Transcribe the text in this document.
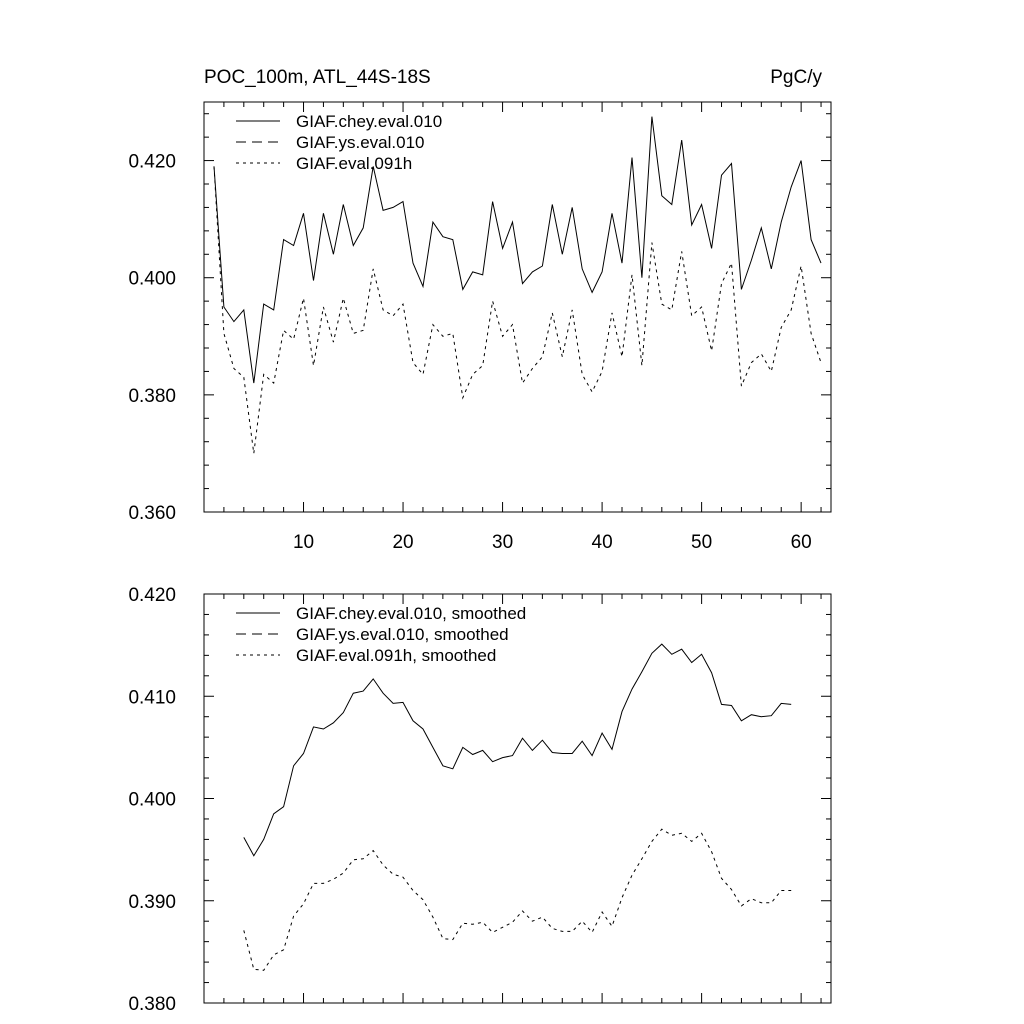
POC_100m, ATL_44S-18S	PgC/y
0.360
0.380
0.400
0.420
10	20	30	40	50	60
GIAF.chey.eval.010
GIAF.ys.eval.010
GIAF.eval.091h
0.380
0.390
0.400
0.410
0.420
GIAF.chey.eval.010, smoothed
GIAF.ys.eval.010, smoothed
GIAF.eval.091h, smoothed
